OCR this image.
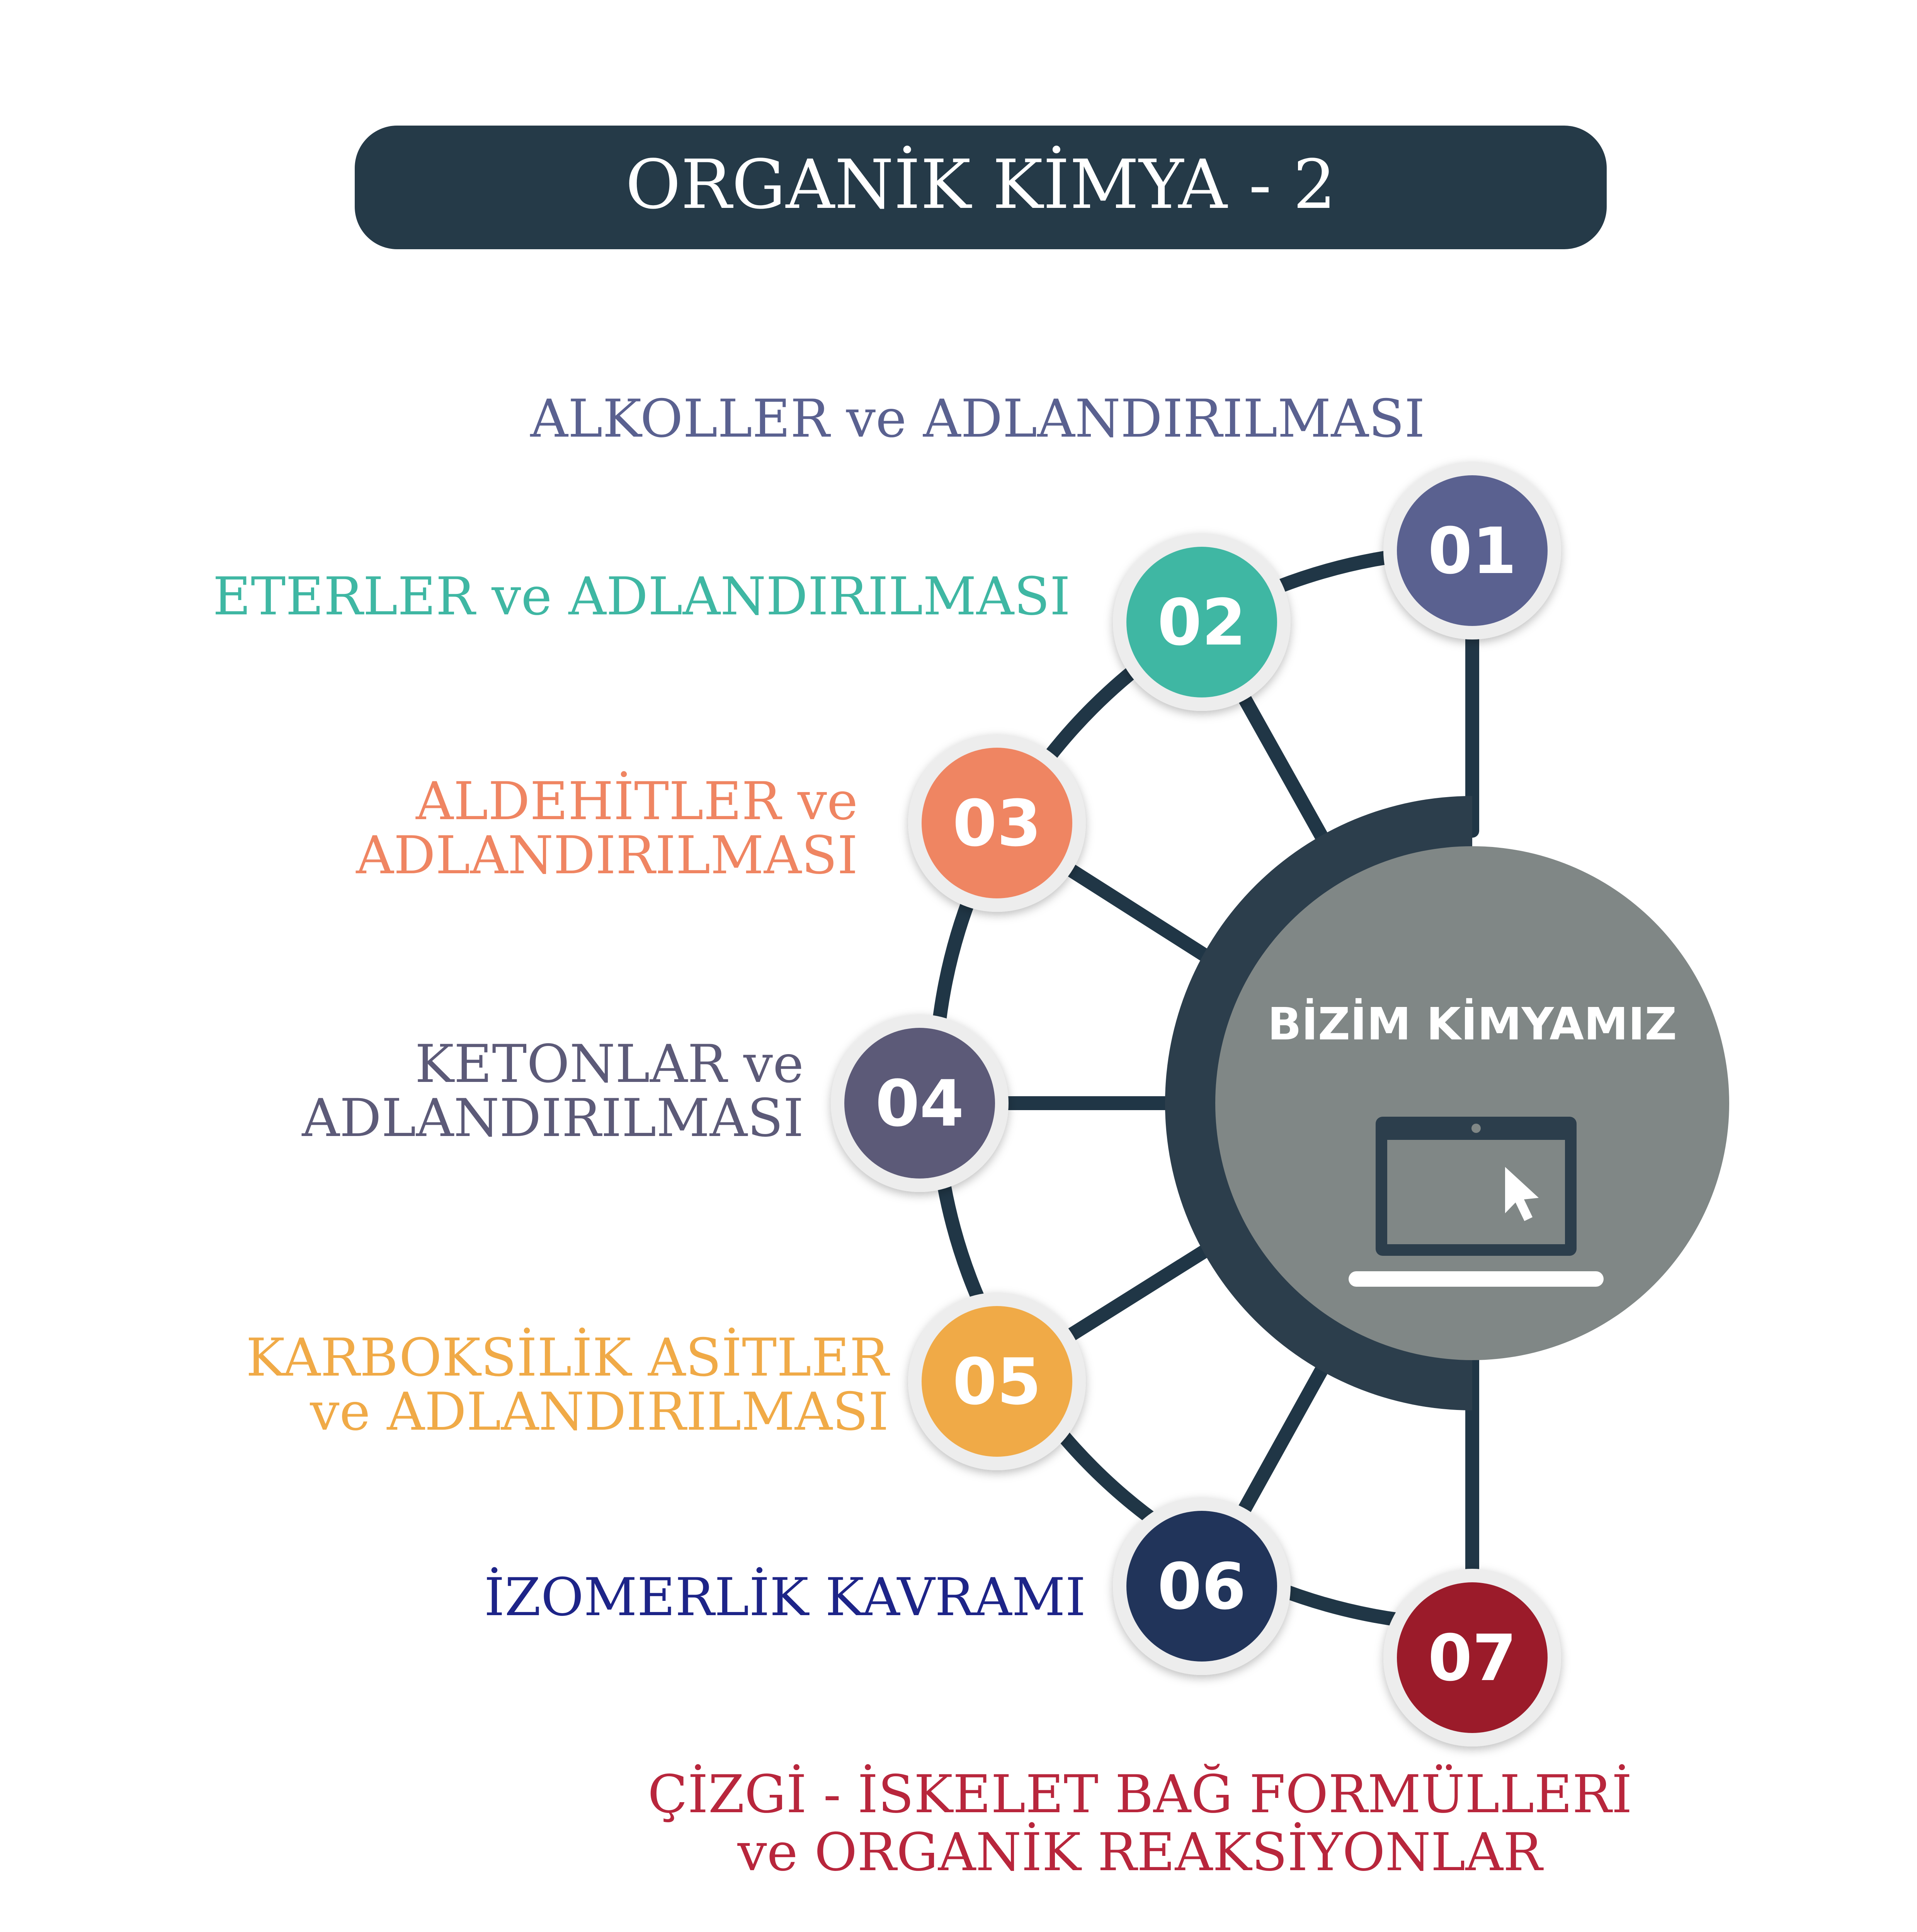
ORGANİK KİMYA - 2
BİZİM KİMYAMIZ
01
02
03
04
05
06
07
ALKOLLER ve ADLANDIRILMASI
ETERLER ve ADLANDIRILMASI
ALDEHİTLER ve
ADLANDIRILMASI
KETONLAR ve
ADLANDIRILMASI
KARBOKSİLİK ASİTLER
ve ADLANDIRILMASI
İZOMERLİK KAVRAMI
ÇİZGİ - İSKELET BAĞ FORMÜLLERİ
ve ORGANİK REAKSİYONLAR
